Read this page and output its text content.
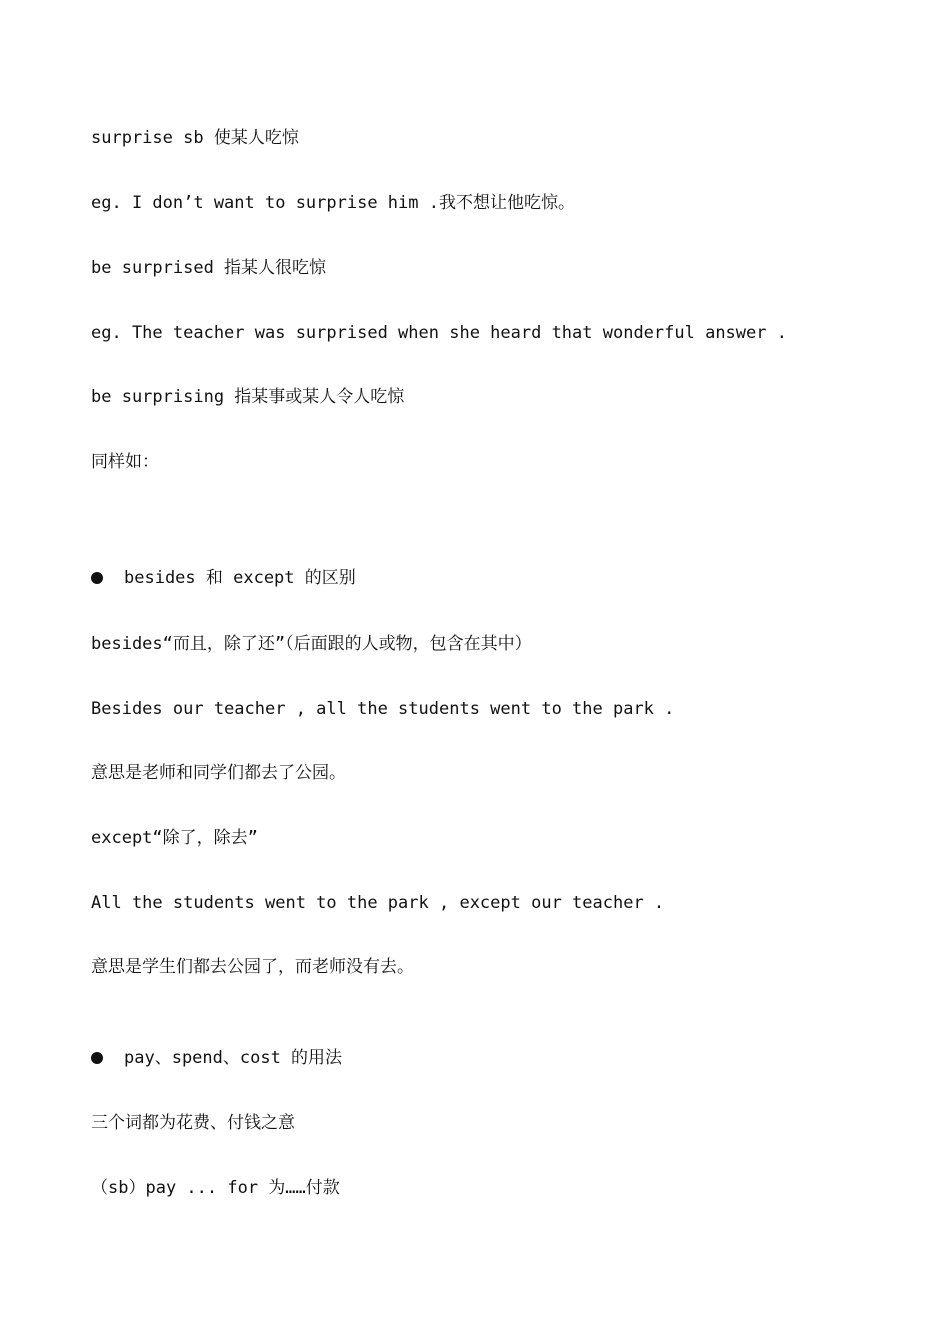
surprise sb 使某人吃惊

eg. I don’t want to surprise him .我不想让他吃惊。

be surprised 指某人很吃惊

eg. The teacher was surprised when she heard that wonderful answer .

be surprising 指某事或某人令人吃惊

同样如：

besides 和 except 的区别

besides“而且，除了还”（后面跟的人或物，包含在其中）

Besides our teacher , all the students went to the park .

意思是老师和同学们都去了公园。

except“除了，除去”

All the students went to the park , except our teacher .

意思是学生们都去公园了，而老师没有去。

pay、spend、cost 的用法

三个词都为花费、付钱之意

（sb）pay ... for 为……付款
